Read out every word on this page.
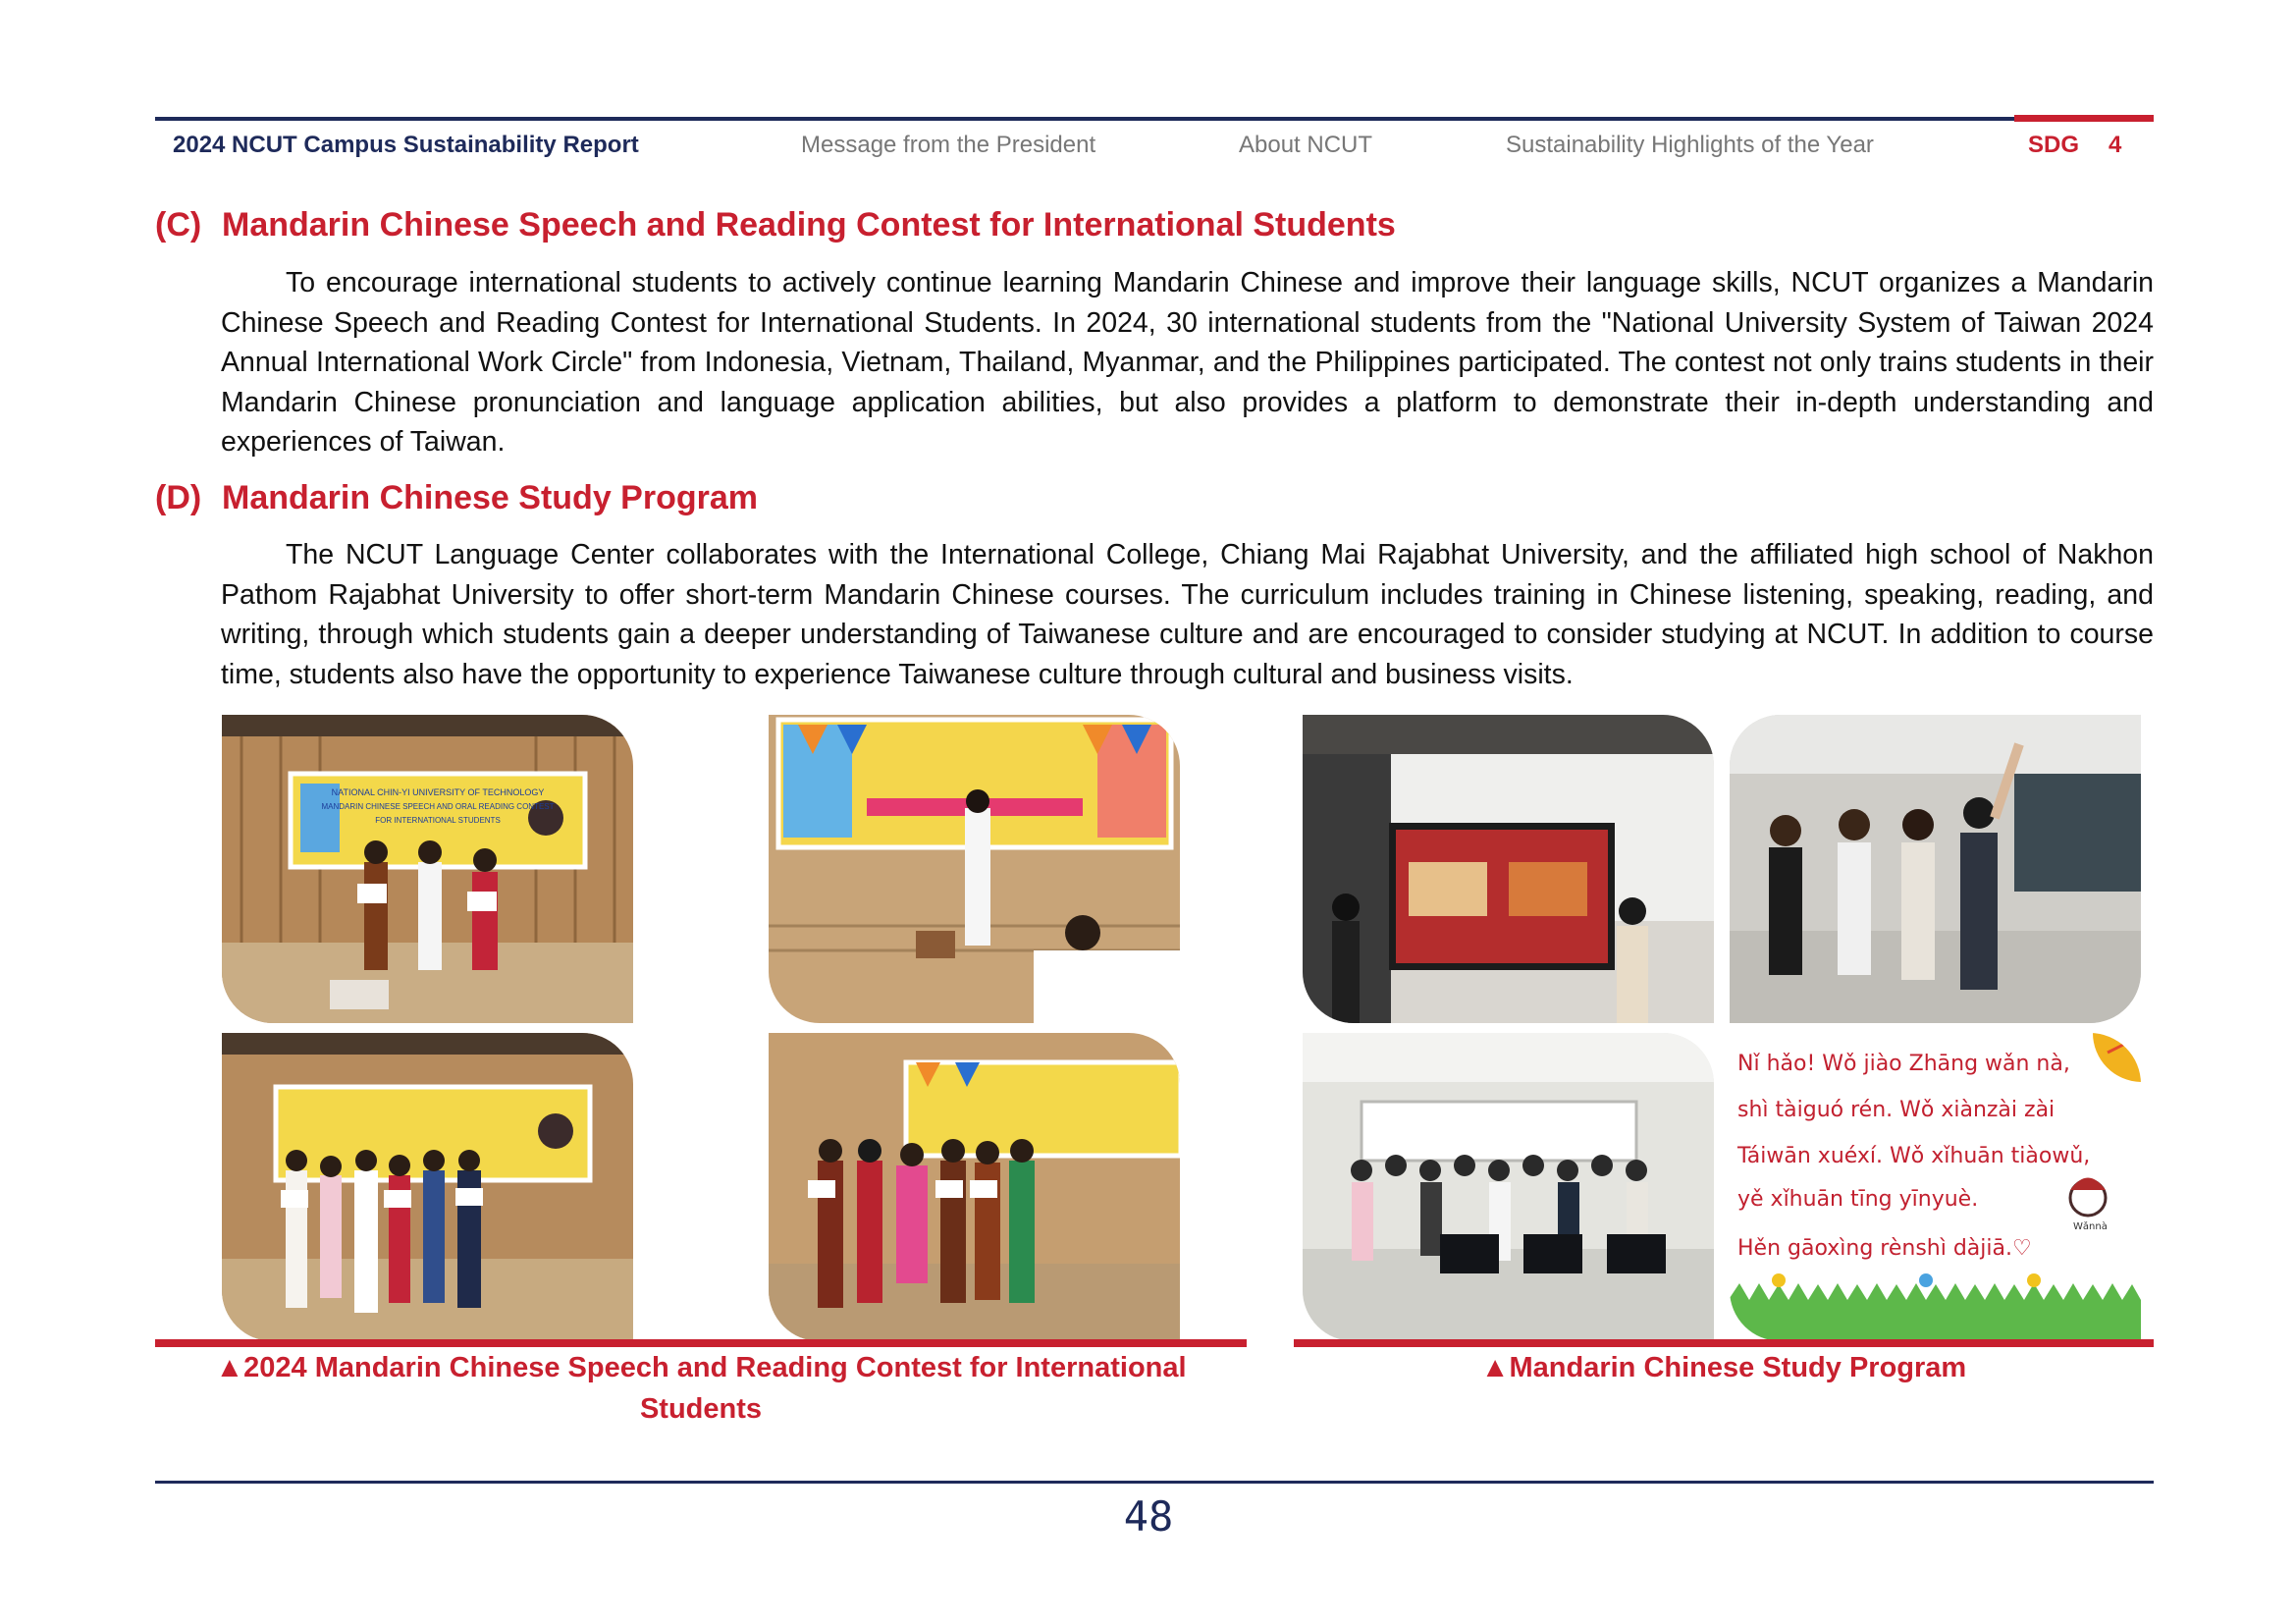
2024 NCUT Campus Sustainability Report	Message from the President	About NCUT	Sustainability Highlights of the Year	SDG 4
(C) Mandarin Chinese Speech and Reading Contest for International Students
To encourage international students to actively continue learning Mandarin Chinese and improve their language skills, NCUT organizes a Mandarin Chinese Speech and Reading Contest for International Students. In 2024, 30 international students from the "National University System of Taiwan 2024 Annual International Work Circle" from Indonesia, Vietnam, Thailand, Myanmar, and the Philippines participated. The contest not only trains students in their Mandarin Chinese pronunciation and language application abilities, but also provides a platform to demonstrate their in-depth understanding and experiences of Taiwan.
(D) Mandarin Chinese Study Program
The NCUT Language Center collaborates with the International College, Chiang Mai Rajabhat University, and the affiliated high school of Nakhon Pathom Rajabhat University to offer short-term Mandarin Chinese courses. The curriculum includes training in Chinese listening, speaking, reading, and writing, through which students gain a deeper understanding of Taiwanese culture and are encouraged to consider studying at NCUT. In addition to course time, students also have the opportunity to experience Taiwanese culture through cultural and business visits.
NATIONAL CHIN-YI UNIVERSITY OF TECHNOLOGY
MANDARIN CHINESE SPEECH AND ORAL READING CONTEST
FOR INTERNATIONAL STUDENTS
Nǐ hǎo! Wǒ jiào Zhāng wǎn nà,
shì tàiguó rén. Wǒ xiànzài zài
Táiwān xuéxí. Wǒ xǐhuān tiàowǔ,
yě xǐhuān tīng yīnyuè.
Hěn gāoxìng rènshì dàjiā.♡
Wǎnnà
▲2024 Mandarin Chinese Speech and Reading Contest for International Students
▲Mandarin Chinese Study Program
48
